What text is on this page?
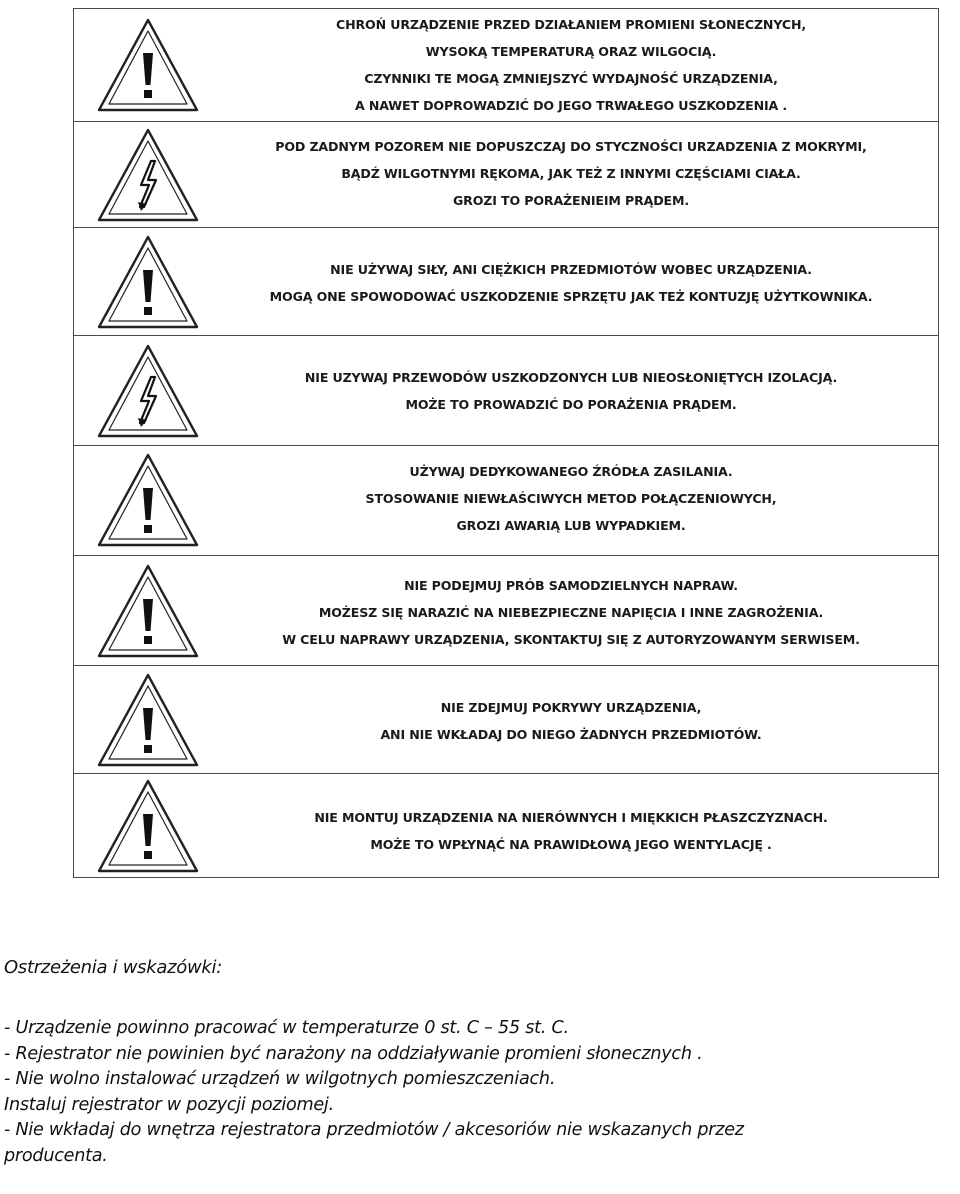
CHROŃ URZĄDZENIE PRZED DZIAŁANIEM PROMIENI SŁONECZNYCH,
WYSOKĄ TEMPERATURĄ ORAZ WILGOCIĄ.
CZYNNIKI TE MOGĄ ZMNIEJSZYĆ WYDAJNOŚĆ URZĄDZENIA,
A NAWET DOPROWADZIĆ DO JEGO TRWAŁEGO USZKODZENIA .
POD ZADNYM POZOREM NIE DOPUSZCZAJ DO STYCZNOŚCI URZADZENIA Z MOKRYMI,
BĄDŹ WILGOTNYMI RĘKOMA, JAK TEŻ Z INNYMI CZĘŚCIAMI CIAŁA.
GROZI TO PORAŻENIEIM PRĄDEM.
NIE UŻYWAJ SIŁY, ANI CIĘŻKICH PRZEDMIOTÓW WOBEC URZĄDZENIA.
MOGĄ ONE SPOWODOWAĆ USZKODZENIE SPRZĘTU JAK TEŻ KONTUZJĘ UŻYTKOWNIKA.
NIE UZYWAJ PRZEWODÓW USZKODZONYCH LUB NIEOSŁONIĘTYCH IZOLACJĄ.
MOŻE TO PROWADZIĆ DO PORAŻENIA PRĄDEM.
UŻYWAJ DEDYKOWANEGO ŹRÓDŁA ZASILANIA.
STOSOWANIE NIEWŁAŚCIWYCH METOD POŁĄCZENIOWYCH,
GROZI AWARIĄ LUB WYPADKIEM.
NIE PODEJMUJ PRÓB SAMODZIELNYCH NAPRAW.
MOŻESZ SIĘ NARAZIĆ NA NIEBEZPIECZNE NAPIĘCIA I INNE ZAGROŻENIA.
W CELU NAPRAWY URZĄDZENIA, SKONTAKTUJ SIĘ Z AUTORYZOWANYM SERWISEM.
NIE ZDEJMUJ POKRYWY URZĄDZENIA,
ANI NIE WKŁADAJ DO NIEGO ŻADNYCH PRZEDMIOTÓW.
NIE MONTUJ URZĄDZENIA NA NIERÓWNYCH I MIĘKKICH PŁASZCZYZNACH.
MOŻE TO WPŁYNĄĆ NA PRAWIDŁOWĄ JEGO WENTYLACJĘ .
Ostrzeżenia i wskazówki:
- Urządzenie powinno pracować w temperaturze 0 st. C – 55 st. C.
- Rejestrator nie powinien być narażony na oddziaływanie promieni słonecznych .
- Nie wolno instalować urządzeń w wilgotnych pomieszczeniach.
Instaluj rejestrator w pozycji poziomej.
- Nie wkładaj do wnętrza rejestratora przedmiotów / akcesoriów nie wskazanych przez
producenta.
